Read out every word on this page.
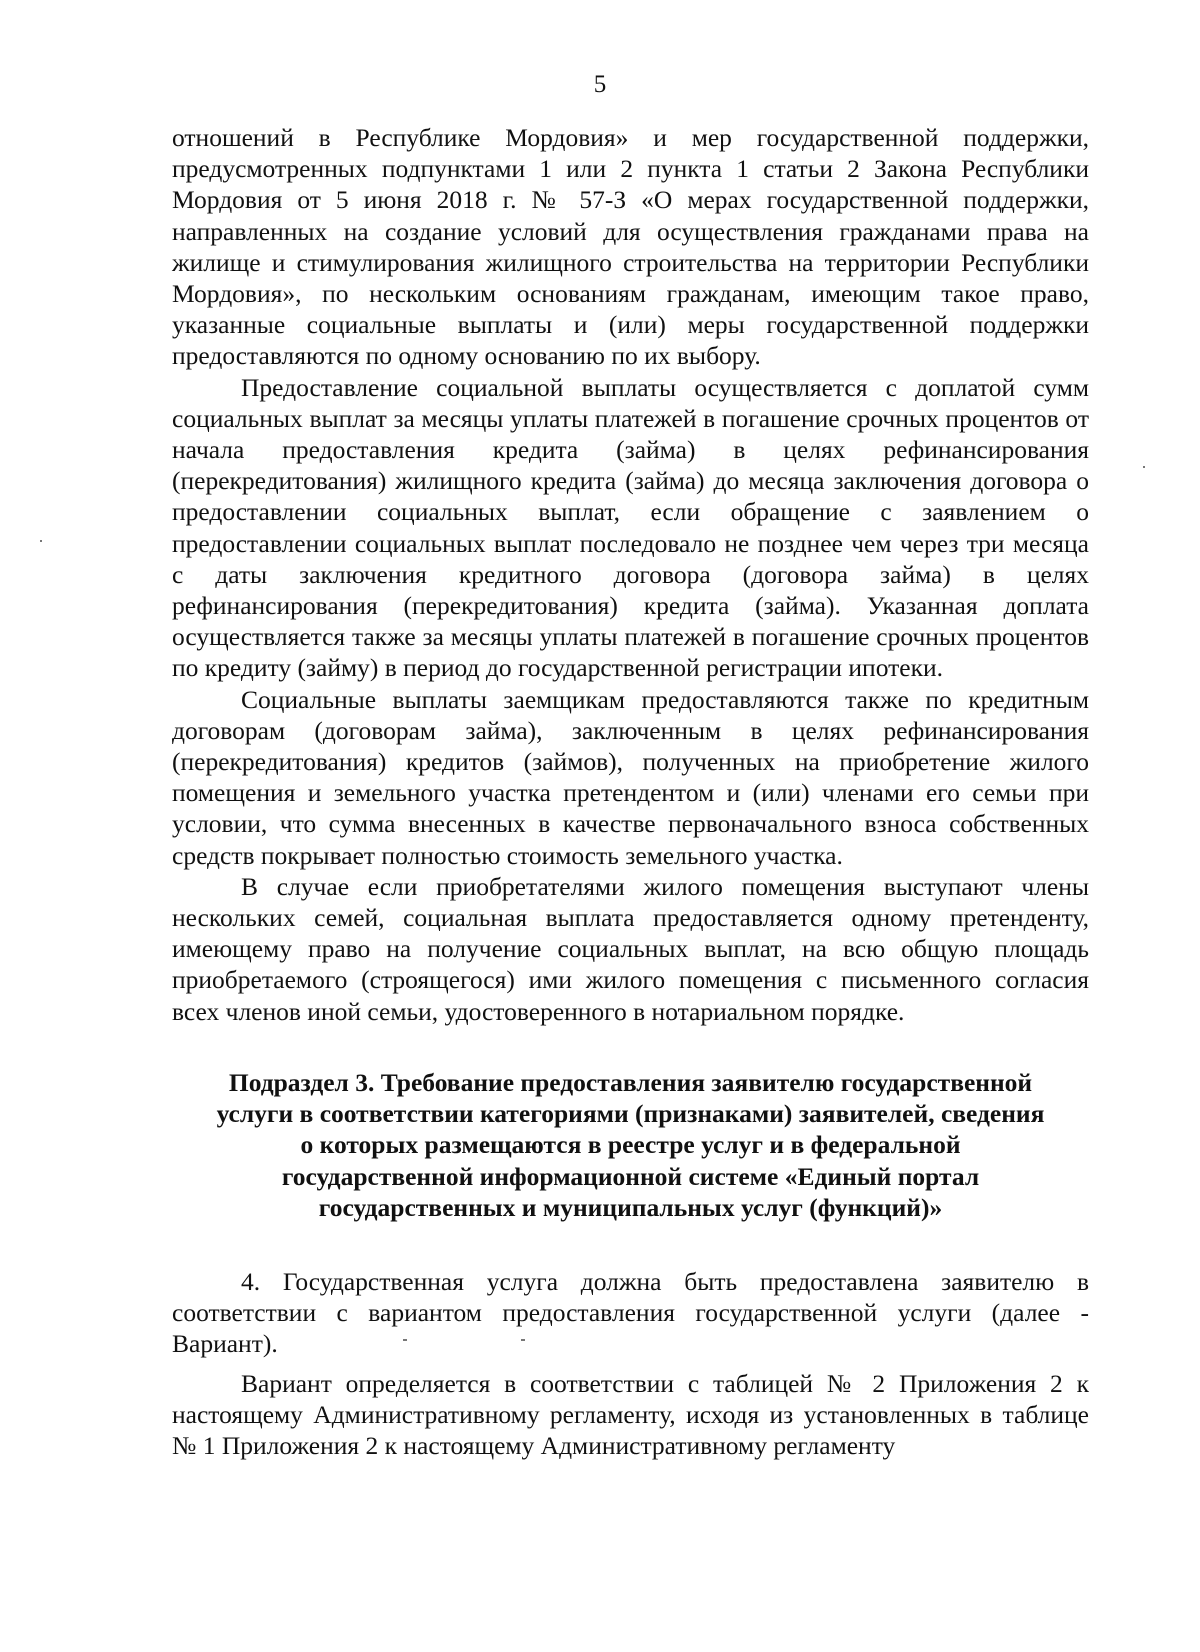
5

отношений в Республике Мордовия» и мер государственной поддержки, предусмотренных подпунктами 1 или 2 пункта 1 статьи 2 Закона Республики Мордовия от 5 июня 2018 г. № 57-З «О мерах государственной поддержки, направленных на создание условий для осуществления гражданами права на жилище и стимулирования жилищного строительства на территории Республики Мордовия», по нескольким основаниям гражданам, имеющим такое право, указанные социальные выплаты и (или) меры государственной поддержки предоставляются по одному основанию по их выбору.

Предоставление социальной выплаты осуществляется с доплатой сумм социальных выплат за месяцы уплаты платежей в погашение срочных процентов от начала предоставления кредита (займа) в целях рефинансирования (перекредитования) жилищного кредита (займа) до месяца заключения договора о предоставлении социальных выплат, если обращение с заявлением о предоставлении социальных выплат последовало не позднее чем через три месяца с даты заключения кредитного договора (договора займа) в целях рефинансирования (перекредитования) кредита (займа). Указанная доплата осуществляется также за месяцы уплаты платежей в погашение срочных процентов по кредиту (займу) в период до государственной регистрации ипотеки.

Социальные выплаты заемщикам предоставляются также по кредитным договорам (договорам займа), заключенным в целях рефинансирования (перекредитования) кредитов (займов), полученных на приобретение жилого помещения и земельного участка претендентом и (или) членами его семьи при условии, что сумма внесенных в качестве первоначального взноса собственных средств покрывает полностью стоимость земельного участка.

В случае если приобретателями жилого помещения выступают члены нескольких семей, социальная выплата предоставляется одному претенденту, имеющему право на получение социальных выплат, на всю общую площадь приобретаемого (строящегося) ими жилого помещения с письменного согласия всех членов иной семьи, удостоверенного в нотариальном порядке.

Подраздел 3. Требование предоставления заявителю государственной
услуги в соответствии категориями (признаками) заявителей, сведения
о которых размещаются в реестре услуг и в федеральной
государственной информационной системе «Единый портал
государственных и муниципальных услуг (функций)»

4. Государственная услуга должна быть предоставлена заявителю в соответствии с вариантом предоставления государственной услуги (далее - Вариант).

Вариант определяется в соответствии с таблицей № 2 Приложения 2 к настоящему Административному регламенту, исходя из установленных в таблице № 1 Приложения 2 к настоящему Административному регламенту
